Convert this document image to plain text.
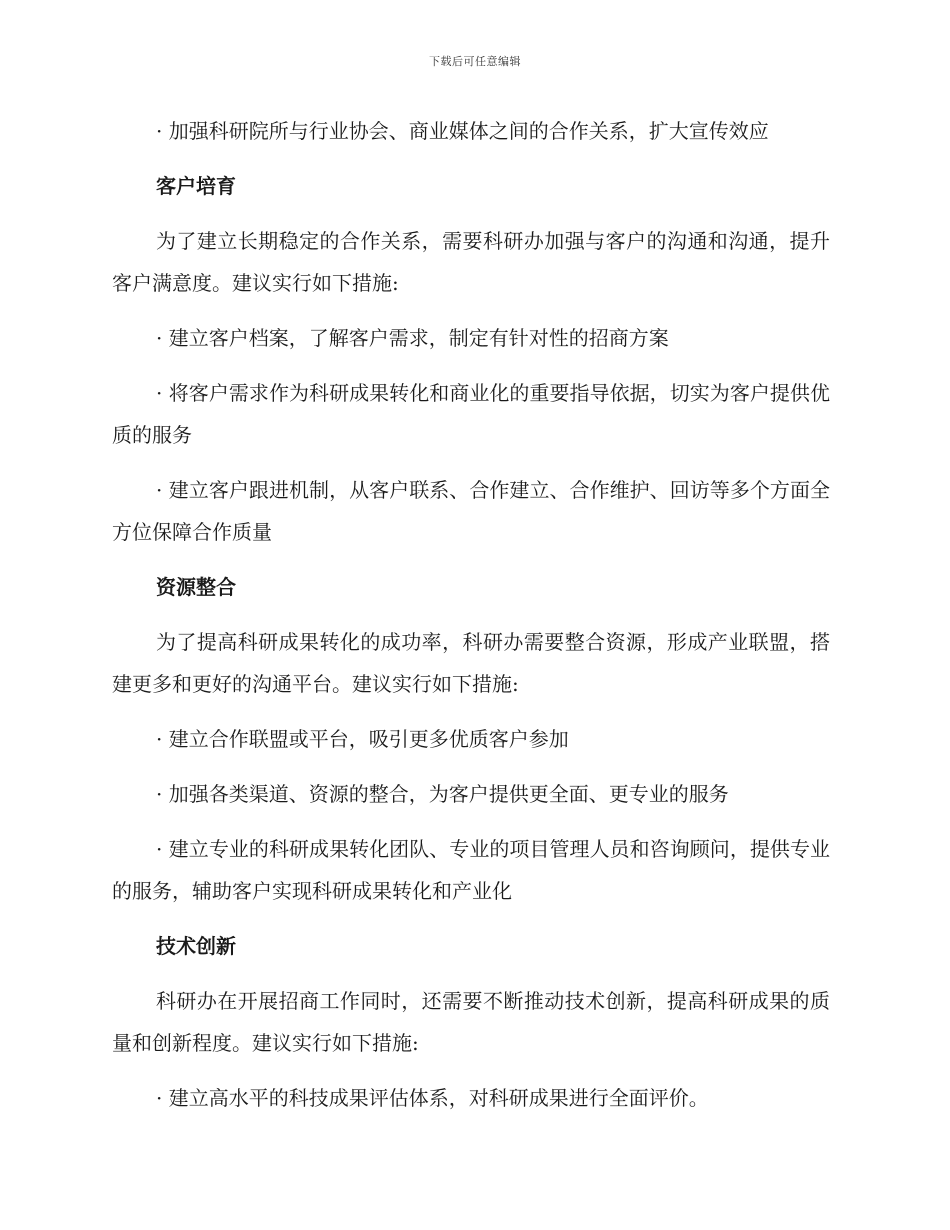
下载后可任意编辑

· 加强科研院所与行业协会、商业媒体之间的合作关系，扩大宣传效应

客户培育

为了建立长期稳定的合作关系，需要科研办加强与客户的沟通和沟通，提升客户满意度。建议实行如下措施:

· 建立客户档案，了解客户需求，制定有针对性的招商方案

· 将客户需求作为科研成果转化和商业化的重要指导依据，切实为客户提供优质的服务

· 建立客户跟进机制，从客户联系、合作建立、合作维护、回访等多个方面全方位保障合作质量

资源整合

为了提高科研成果转化的成功率，科研办需要整合资源，形成产业联盟，搭建更多和更好的沟通平台。建议实行如下措施:

· 建立合作联盟或平台，吸引更多优质客户参加

· 加强各类渠道、资源的整合，为客户提供更全面、更专业的服务

· 建立专业的科研成果转化团队、专业的项目管理人员和咨询顾问，提供专业的服务，辅助客户实现科研成果转化和产业化

技术创新

科研办在开展招商工作同时，还需要不断推动技术创新，提高科研成果的质量和创新程度。建议实行如下措施:

· 建立高水平的科技成果评估体系，对科研成果进行全面评价。
